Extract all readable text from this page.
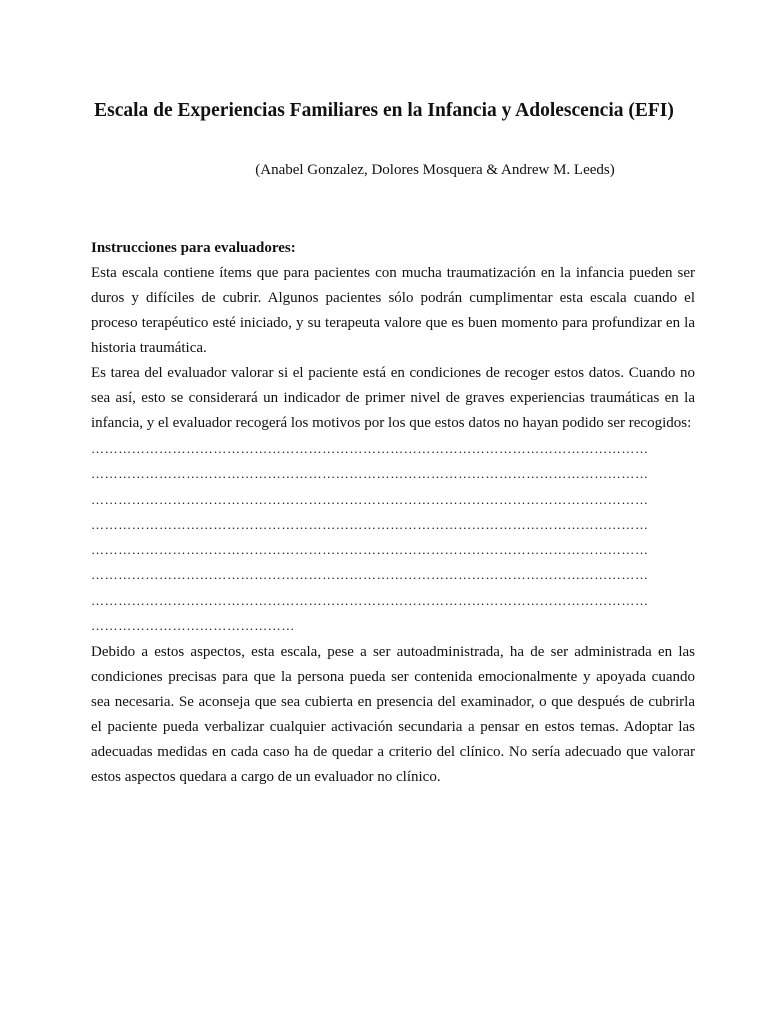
Escala de Experiencias Familiares en la Infancia y Adolescencia (EFI)

(Anabel Gonzalez, Dolores Mosquera & Andrew M. Leeds)

Instrucciones para evaluadores:

Esta escala contiene ítems que para pacientes con mucha traumatización en la infancia pueden ser duros y difíciles de cubrir. Algunos pacientes sólo podrán cumplimentar esta escala cuando el proceso terapéutico esté iniciado, y su terapeuta valore que es buen momento para profundizar en la historia traumática.

Es tarea del evaluador valorar si el paciente está en condiciones de recoger estos datos. Cuando no sea así, esto se considerará un indicador de primer nivel de graves experiencias traumáticas en la infancia, y el evaluador recogerá los motivos por los que estos datos no hayan podido ser recogidos:

……………………………………………………………………………………………………………
……………………………………………………………………………………………………………
……………………………………………………………………………………………………………
……………………………………………………………………………………………………………
……………………………………………………………………………………………………………
……………………………………………………………………………………………………………
……………………………………………………………………………………………………………
………………………………………

Debido a estos aspectos, esta escala, pese a ser autoadministrada, ha de ser administrada en las condiciones precisas para que la persona pueda ser contenida emocionalmente y apoyada cuando sea necesaria. Se aconseja que sea cubierta en presencia del examinador, o que después de cubrirla el paciente pueda verbalizar cualquier activación secundaria a pensar en estos temas. Adoptar las adecuadas medidas en cada caso ha de quedar a criterio del clínico. No sería adecuado que valorar estos aspectos quedara a cargo de un evaluador no clínico.
